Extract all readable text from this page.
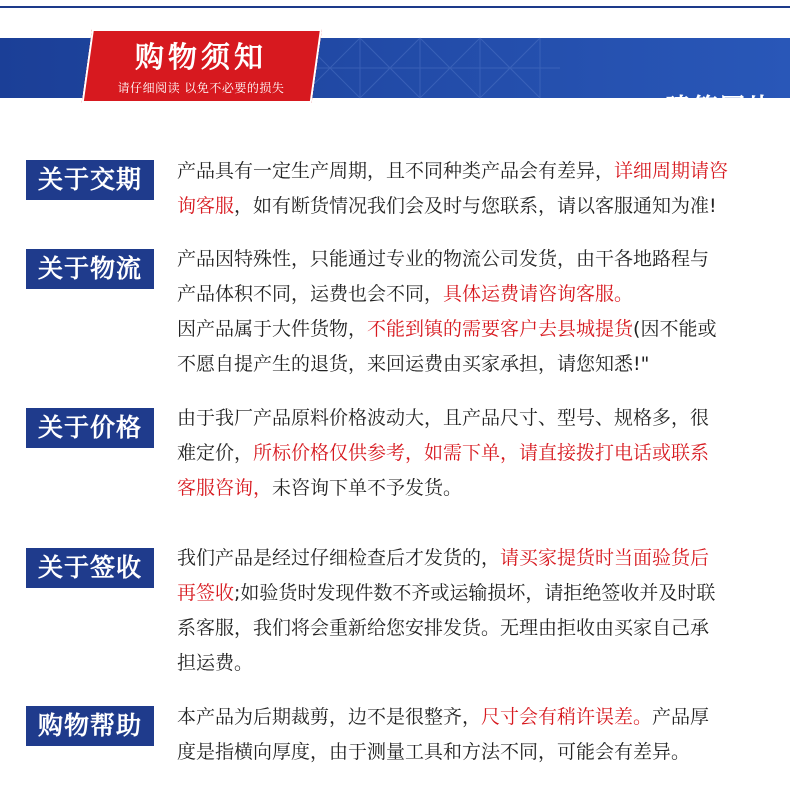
建筑网片
购物须知
请仔细阅读 以免不必要的损失
关于交期	产品具有一定生产周期，且不同种类产品会有差异，详细周期请咨
询客服，如有断货情况我们会及时与您联系，请以客服通知为准!
关于物流	产品因特殊性，只能通过专业的物流公司发货，由干各地路程与
产品体积不同，运费也会不同，具体运费请咨询客服。
因产品属于大件货物，不能到镇的需要客户去县城提货(因不能或
不愿自提产生的退货，来回运费由买家承担，请您知悉!"
关于价格	由于我厂产品原料价格波动大，且产品尺寸、型号、规格多，很
难定价，所标价格仅供参考，如需下单，请直接拨打电话或联系
客服咨询，未咨询下单不予发货。
关于签收	我们产品是经过仔细检查后才发货的，请买家提货时当面验货后
再签收;如验货时发现件数不齐或运输损坏，请拒绝签收并及时联
系客服，我们将会重新给您安排发货。无理由拒收由买家自己承
担运费。
购物帮助	本产品为后期裁剪，边不是很整齐，尺寸会有稍许误差。产品厚
度是指横向厚度，由于测量工具和方法不同，可能会有差异。
